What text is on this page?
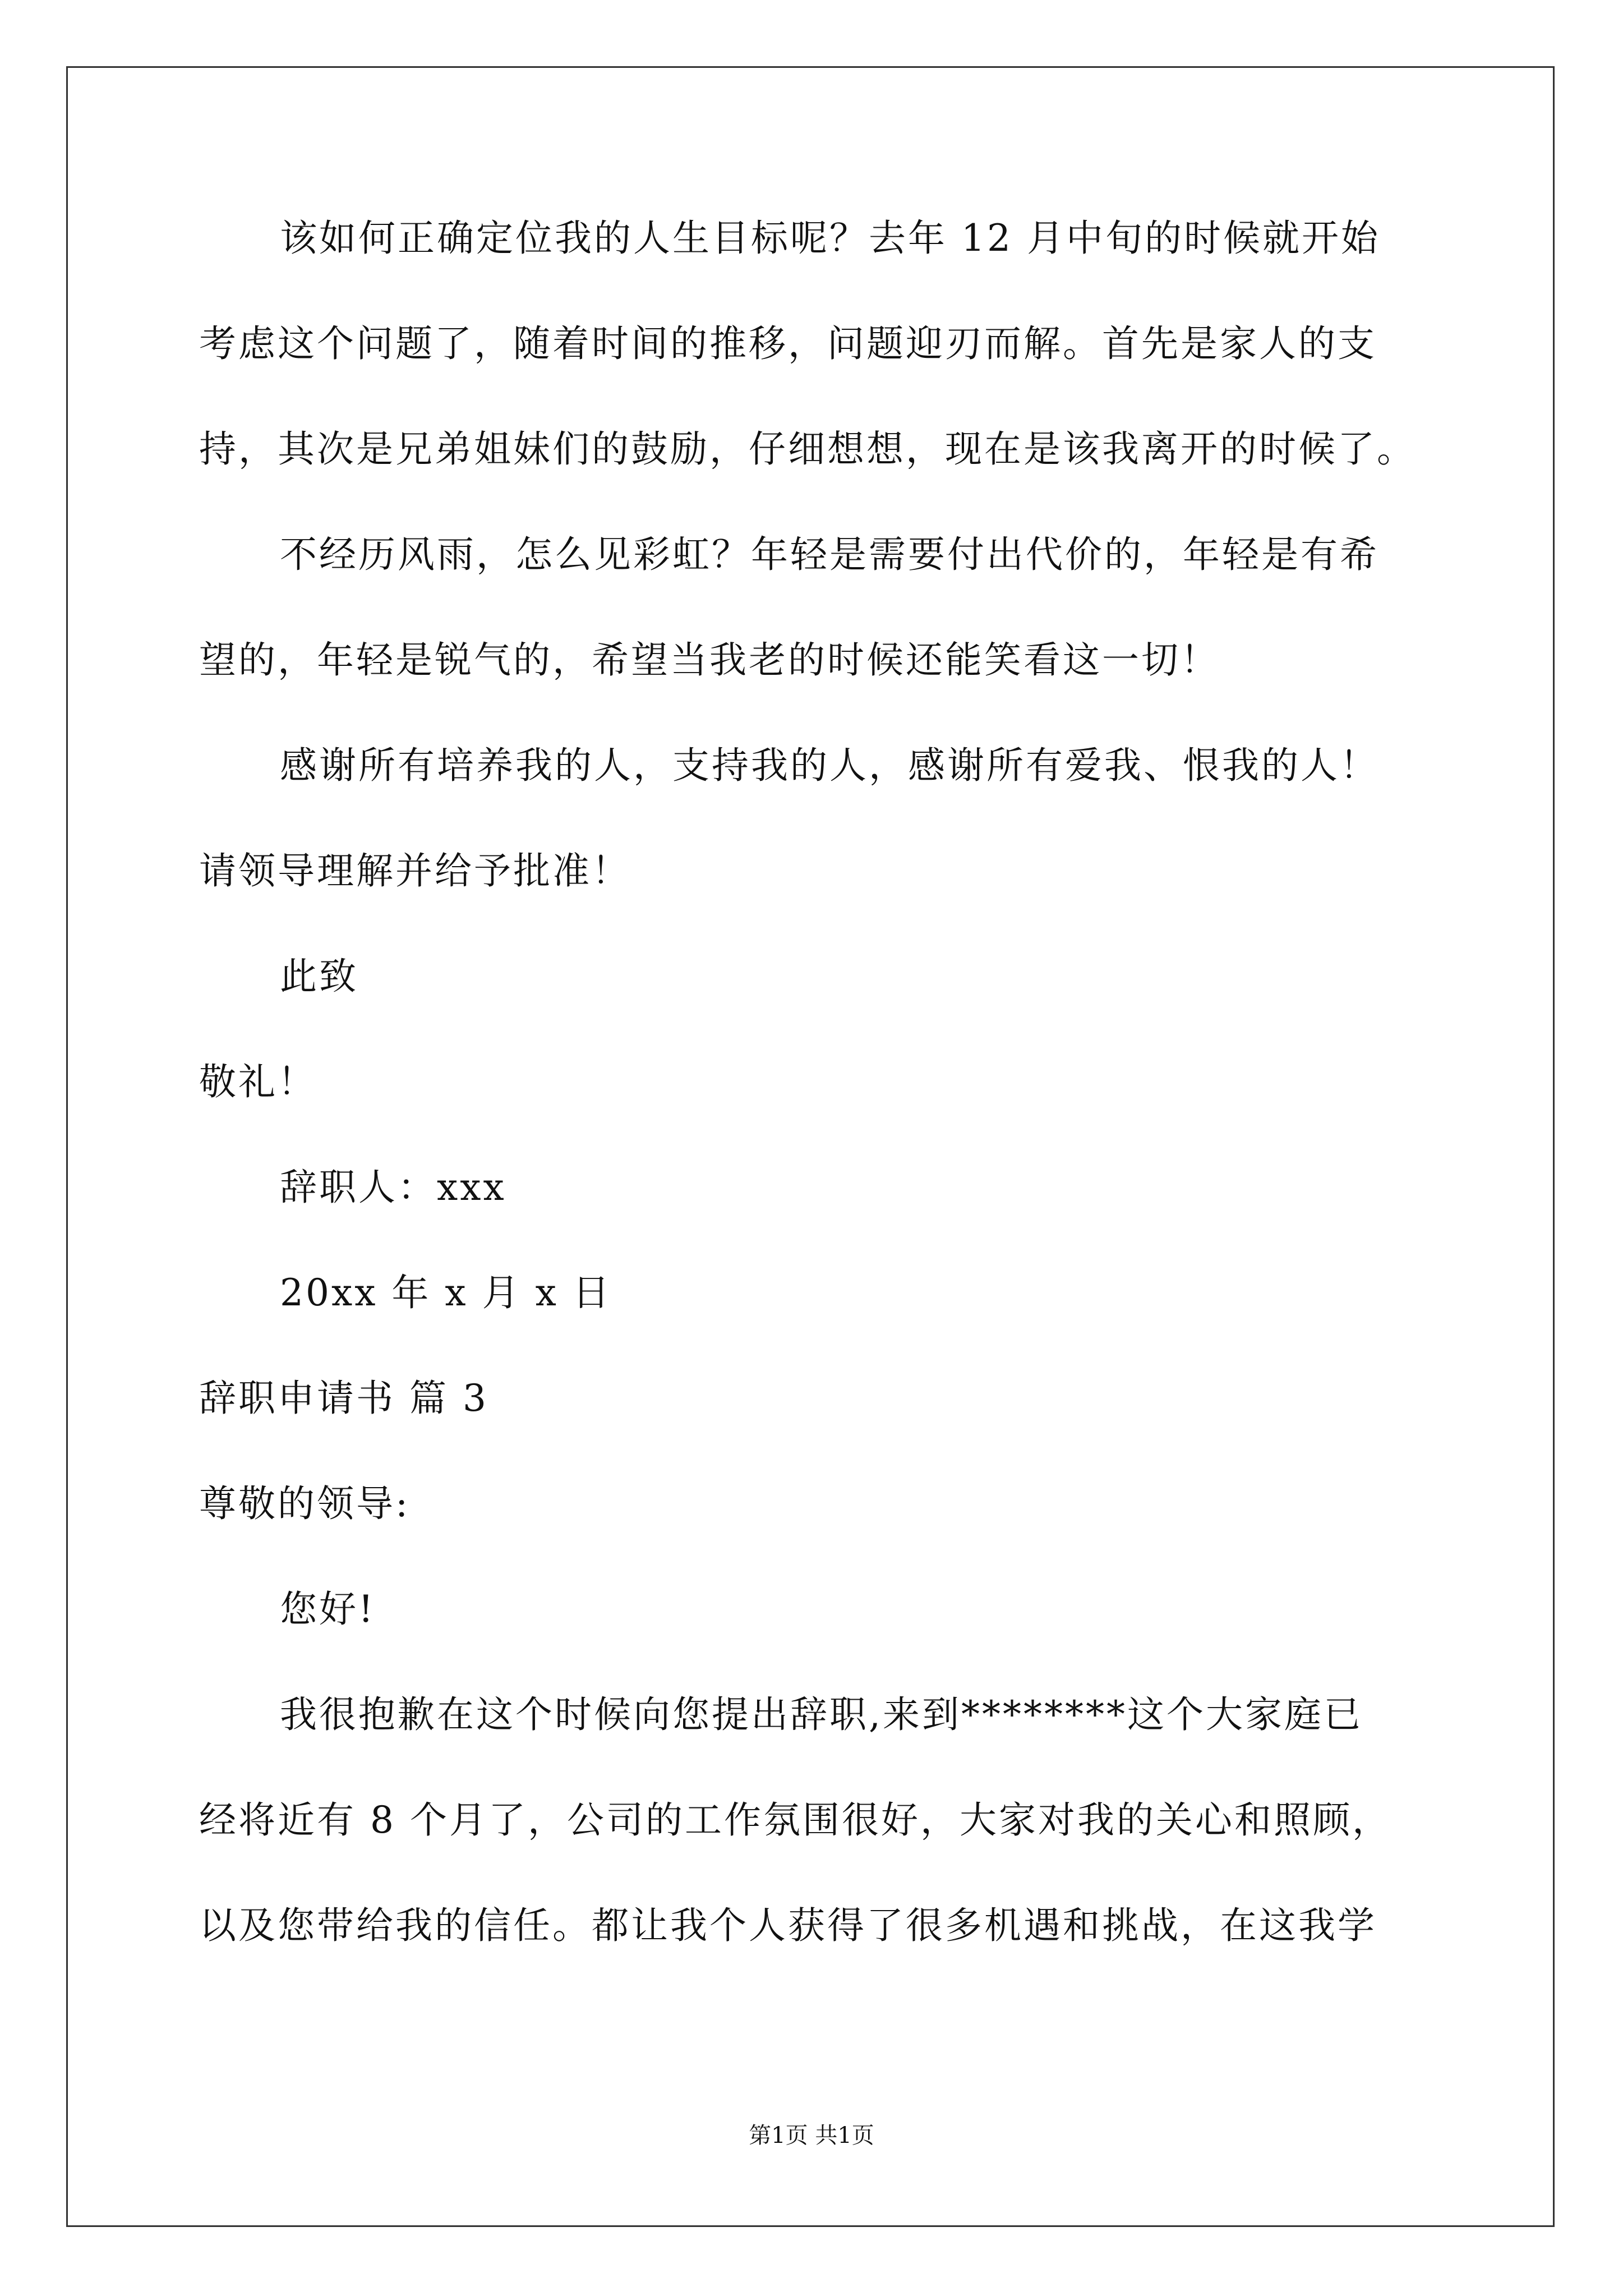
该如何正确定位我的人生目标呢？去年 12 月中旬的时候就开始
考虑这个问题了，随着时间的推移，问题迎刃而解。首先是家人的支
持，其次是兄弟姐妹们的鼓励，仔细想想，现在是该我离开的时候了。
不经历风雨，怎么见彩虹？年轻是需要付出代价的，年轻是有希
望的，年轻是锐气的，希望当我老的时候还能笑看这一切！
感谢所有培养我的人，支持我的人，感谢所有爱我、恨我的人！
请领导理解并给予批准！
此致
敬礼！
辞职人：xxx
20xx 年 x 月 x 日
辞职申请书 篇 3
尊敬的领导:
您好!
我很抱歉在这个时候向您提出辞职,来到********这个大家庭已
经将近有 8 个月了，公司的工作氛围很好，大家对我的关心和照顾，
以及您带给我的信任。都让我个人获得了很多机遇和挑战，在这我学
第1页 共1页
